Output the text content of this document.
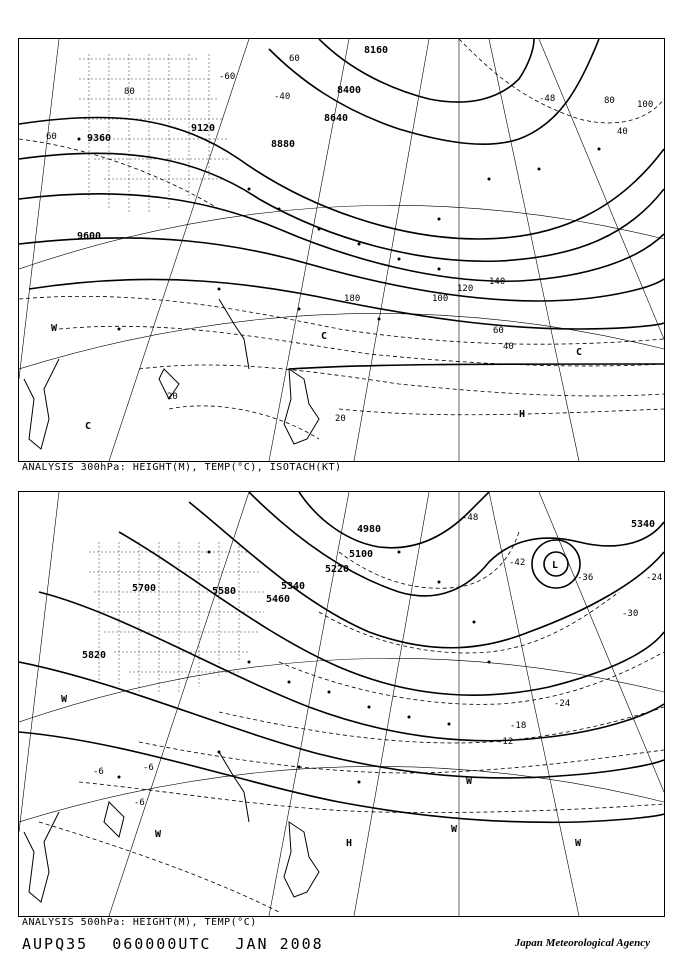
8160
8400
8640
8880
9120
9360
9600
180
140
120
100
60
40
20
20
80
60	40
80 100
60
-48
-60
-40
C
C
C
H
W
ANALYSIS 300hPa: HEIGHT(M), TEMP(°C), ISOTACH(KT)
4980
5100
5220
5340
5460
5580
5700
5820
5340
-48
-42
-36
-30
-24
-18
-12
-6
-6
-6
-24
L
W
W
W
W
H	W
ANALYSIS 500hPa: HEIGHT(M), TEMP(°C)
AUPQ35 060000UTC JAN 2008	Japan Meteorological Agency
